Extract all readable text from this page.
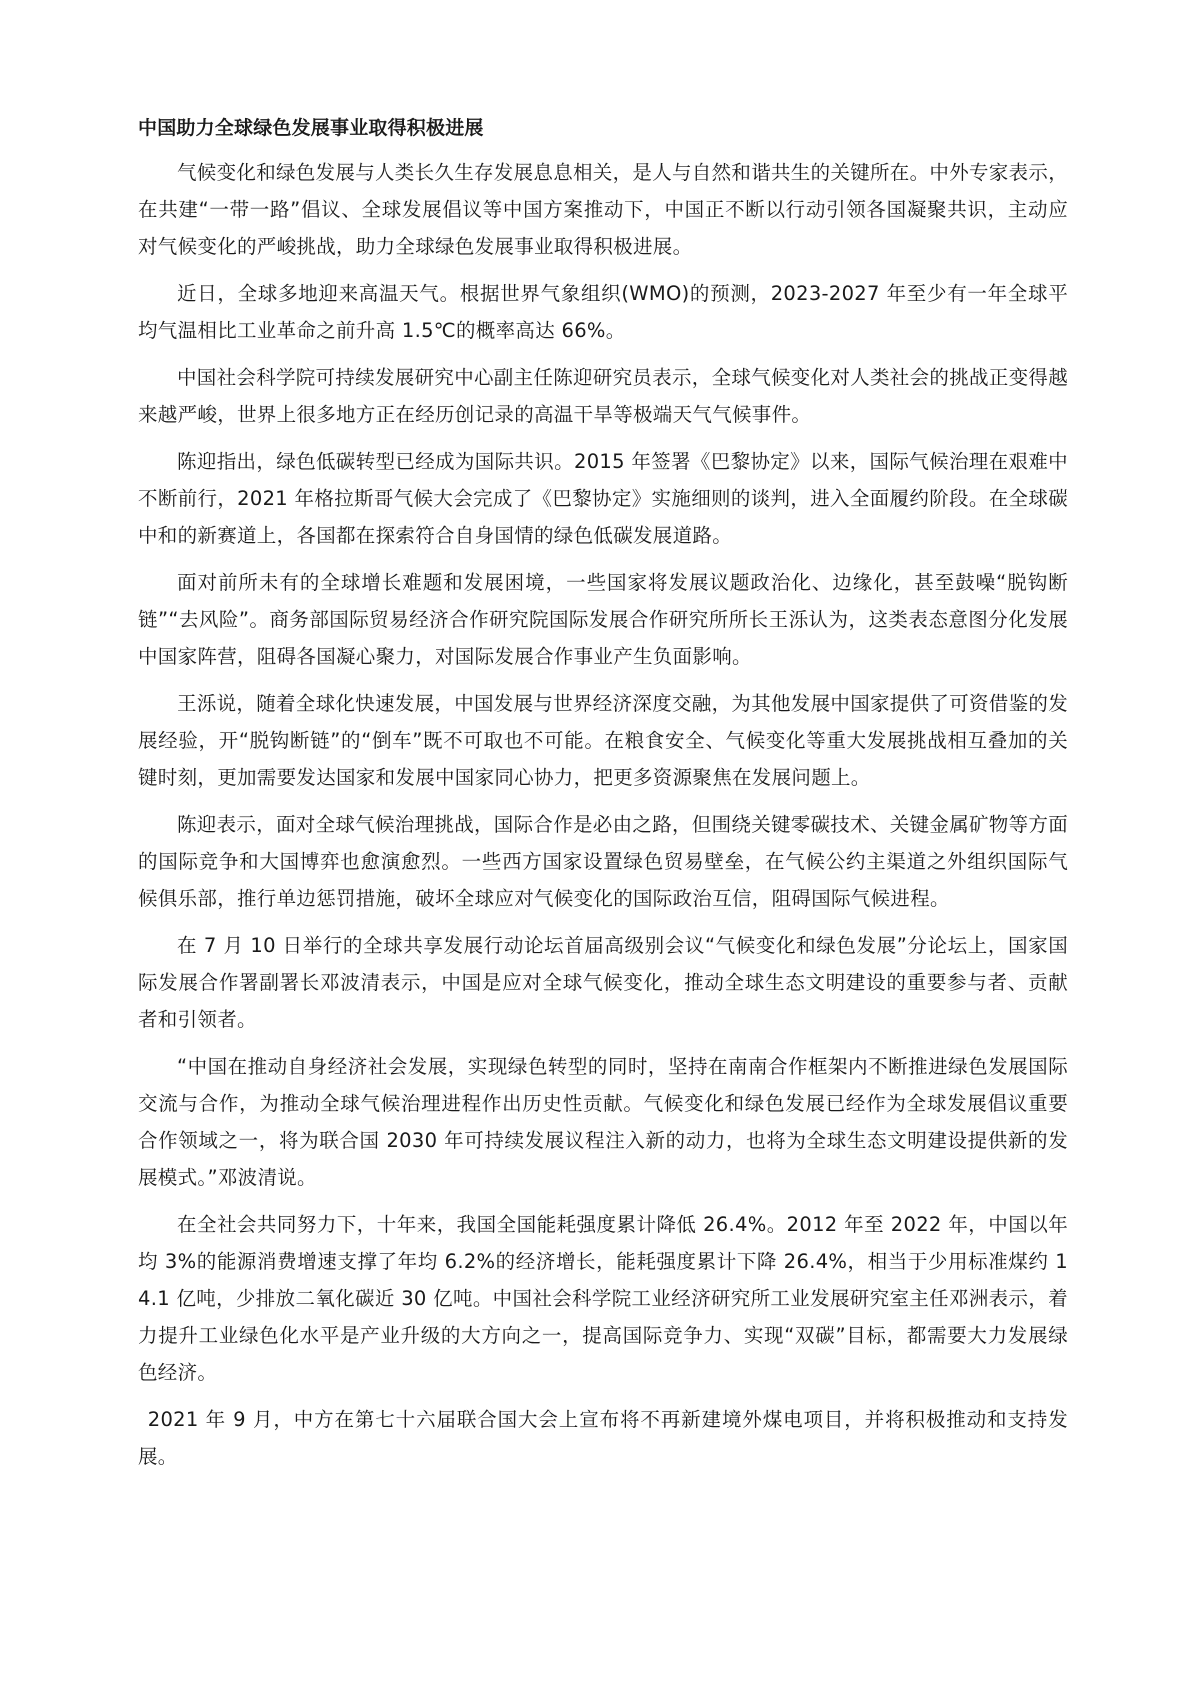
中国助力全球绿色发展事业取得积极进展

气候变化和绿色发展与人类长久生存发展息息相关，是人与自然和谐共生的关键所在。中外专家表示，在共建“一带一路”倡议、全球发展倡议等中国方案推动下，中国正不断以行动引领各国凝聚共识，主动应对气候变化的严峻挑战，助力全球绿色发展事业取得积极进展。

近日，全球多地迎来高温天气。根据世界气象组织(WMO)的预测，2023-2027 年至少有一年全球平均气温相比工业革命之前升高 1.5℃的概率高达 66%。

中国社会科学院可持续发展研究中心副主任陈迎研究员表示，全球气候变化对人类社会的挑战正变得越来越严峻，世界上很多地方正在经历创记录的高温干旱等极端天气气候事件。

陈迎指出，绿色低碳转型已经成为国际共识。2015 年签署《巴黎协定》以来，国际气候治理在艰难中不断前行，2021 年格拉斯哥气候大会完成了《巴黎协定》实施细则的谈判，进入全面履约阶段。在全球碳中和的新赛道上，各国都在探索符合自身国情的绿色低碳发展道路。

面对前所未有的全球增长难题和发展困境，一些国家将发展议题政治化、边缘化，甚至鼓噪“脱钩断链”“去风险”。商务部国际贸易经济合作研究院国际发展合作研究所所长王泺认为，这类表态意图分化发展中国家阵营，阻碍各国凝心聚力，对国际发展合作事业产生负面影响。

王泺说，随着全球化快速发展，中国发展与世界经济深度交融，为其他发展中国家提供了可资借鉴的发展经验，开“脱钩断链”的“倒车”既不可取也不可能。在粮食安全、气候变化等重大发展挑战相互叠加的关键时刻，更加需要发达国家和发展中国家同心协力，把更多资源聚焦在发展问题上。

陈迎表示，面对全球气候治理挑战，国际合作是必由之路，但围绕关键零碳技术、关键金属矿物等方面的国际竞争和大国博弈也愈演愈烈。一些西方国家设置绿色贸易壁垒，在气候公约主渠道之外组织国际气候俱乐部，推行单边惩罚措施，破坏全球应对气候变化的国际政治互信，阻碍国际气候进程。

在 7 月 10 日举行的全球共享发展行动论坛首届高级别会议“气候变化和绿色发展”分论坛上，国家国际发展合作署副署长邓波清表示，中国是应对全球气候变化，推动全球生态文明建设的重要参与者、贡献者和引领者。

“中国在推动自身经济社会发展，实现绿色转型的同时，坚持在南南合作框架内不断推进绿色发展国际交流与合作，为推动全球气候治理进程作出历史性贡献。气候变化和绿色发展已经作为全球发展倡议重要合作领域之一，将为联合国 2030 年可持续发展议程注入新的动力，也将为全球生态文明建设提供新的发展模式。”邓波清说。

在全社会共同努力下，十年来，我国全国能耗强度累计降低 26.4%。2012 年至 2022 年，中国以年均 3%的能源消费增速支撑了年均 6.2%的经济增长，能耗强度累计下降 26.4%，相当于少用标准煤约 14.1 亿吨，少排放二氧化碳近 30 亿吨。中国社会科学院工业经济研究所工业发展研究室主任邓洲表示，着力提升工业绿色化水平是产业升级的大方向之一，提高国际竞争力、实现“双碳”目标，都需要大力发展绿色经济。

2021 年 9 月，中方在第七十六届联合国大会上宣布将不再新建境外煤电项目，并将积极推动和支持发展。
